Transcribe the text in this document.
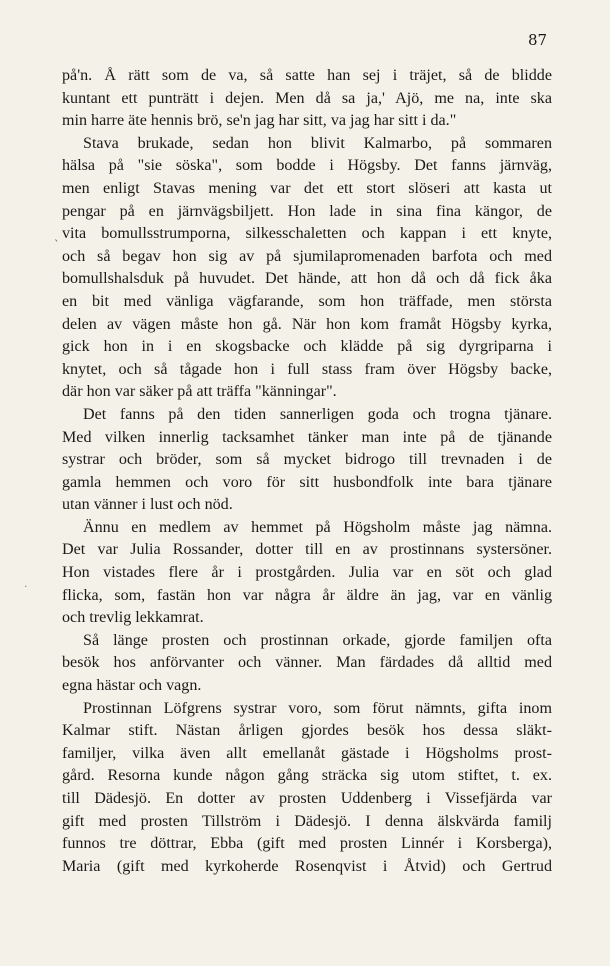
87
ˋ
·
på'n. Å rätt som de va, så satte han sej i träjet, så de blidde
kuntant ett punträtt i dejen. Men då sa ja,' Ajö, me na, inte ska
min harre äte hennis brö, se'n jag har sitt, va jag har sitt i da."
Stava brukade, sedan hon blivit Kalmarbo, på sommaren
hälsa på "sie söska", som bodde i Högsby. Det fanns järnväg,
men enligt Stavas mening var det ett stort slöseri att kasta ut
pengar på en järnvägsbiljett. Hon lade in sina fina kängor, de
vita bomullsstrumporna, silkesschaletten och kappan i ett knyte,
och så begav hon sig av på sjumilapromenaden barfota och med
bomullshalsduk på huvudet. Det hände, att hon då och då fick åka
en bit med vänliga vägfarande, som hon träffade, men största
delen av vägen måste hon gå. När hon kom framåt Högsby kyrka,
gick hon in i en skogsbacke och klädde på sig dyrgriparna i
knytet, och så tågade hon i full stass fram över Högsby backe,
där hon var säker på att träffa "känningar".
Det fanns på den tiden sannerligen goda och trogna tjänare.
Med vilken innerlig tacksamhet tänker man inte på de tjänande
systrar och bröder, som så mycket bidrogo till trevnaden i de
gamla hemmen och voro för sitt husbondfolk inte bara tjänare
utan vänner i lust och nöd.
Ännu en medlem av hemmet på Högsholm måste jag nämna.
Det var Julia Rossander, dotter till en av prostinnans systersöner.
Hon vistades flere år i prostgården. Julia var en söt och glad
flicka, som, fastän hon var några år äldre än jag, var en vänlig
och trevlig lekkamrat.
Så länge prosten och prostinnan orkade, gjorde familjen ofta
besök hos anförvanter och vänner. Man färdades då alltid med
egna hästar och vagn.
Prostinnan Löfgrens systrar voro, som förut nämnts, gifta inom
Kalmar stift. Nästan årligen gjordes besök hos dessa släkt-
familjer, vilka även allt emellanåt gästade i Högsholms prost-
gård. Resorna kunde någon gång sträcka sig utom stiftet, t. ex.
till Dädesjö. En dotter av prosten Uddenberg i Vissefjärda var
gift med prosten Tillström i Dädesjö. I denna älskvärda familj
funnos tre döttrar, Ebba (gift med prosten Linnér i Korsberga),
Maria (gift med kyrkoherde Rosenqvist i Åtvid) och Gertrud
